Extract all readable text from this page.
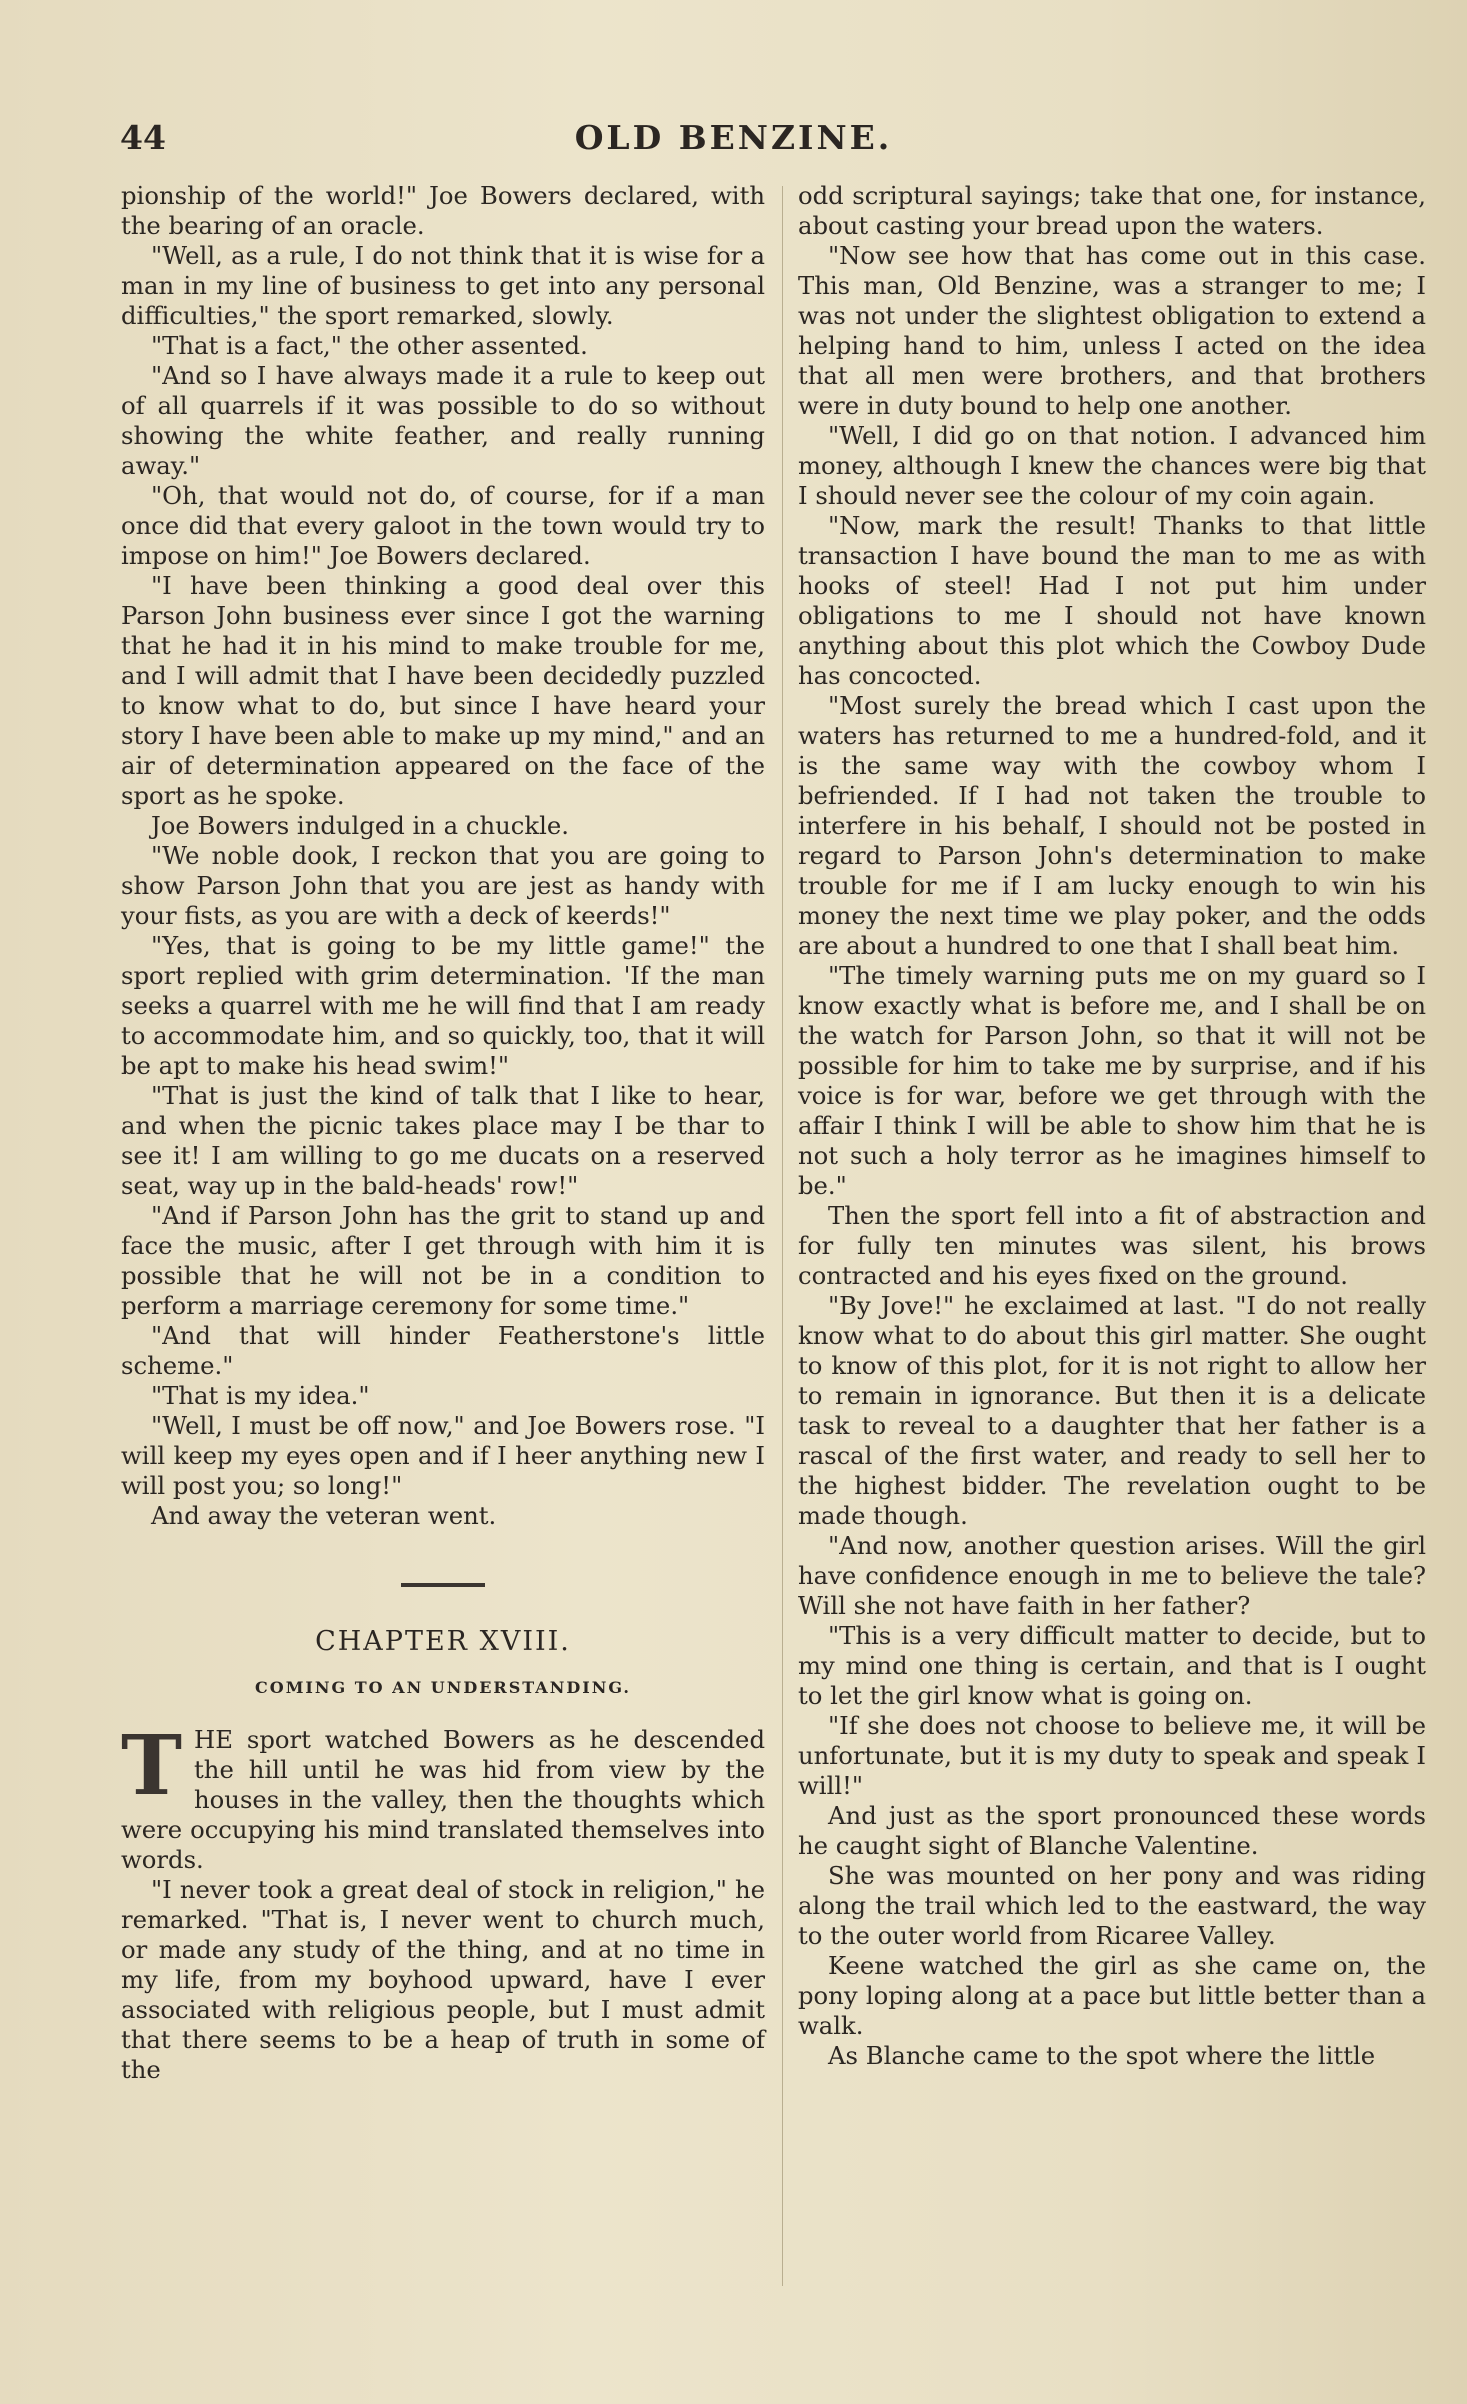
44	OLD BENZINE.

pionship of the world!" Joe Bowers declared, with the bearing of an oracle.

"Well, as a rule, I do not think that it is wise for a man in my line of business to get into any personal difficulties," the sport remarked, slowly.

"That is a fact," the other assented.

"And so I have always made it a rule to keep out of all quarrels if it was possible to do so without showing the white feather, and really running away."

"Oh, that would not do, of course, for if a man once did that every galoot in the town would try to impose on him!" Joe Bowers declared.

"I have been thinking a good deal over this Parson John business ever since I got the warning that he had it in his mind to make trouble for me, and I will admit that I have been decidedly puzzled to know what to do, but since I have heard your story I have been able to make up my mind," and an air of determination appeared on the face of the sport as he spoke.

Joe Bowers indulged in a chuckle.

"We noble dook, I reckon that you are going to show Parson John that you are jest as handy with your fists, as you are with a deck of keerds!"

"Yes, that is going to be my little game!" the sport replied with grim determination. 'If the man seeks a quarrel with me he will find that I am ready to accommodate him, and so quickly, too, that it will be apt to make his head swim!"

"That is just the kind of talk that I like to hear, and when the picnic takes place may I be thar to see it! I am willing to go me ducats on a reserved seat, way up in the bald-heads' row!"

"And if Parson John has the grit to stand up and face the music, after I get through with him it is possible that he will not be in a condition to perform a marriage ceremony for some time."

"And that will hinder Featherstone's little scheme."

"That is my idea."

"Well, I must be off now," and Joe Bowers rose. "I will keep my eyes open and if I heer anything new I will post you; so long!"

And away the veteran went.

CHAPTER XVIII.

COMING TO AN UNDERSTANDING.

THE sport watched Bowers as he descended the hill until he was hid from view by the houses in the valley, then the thoughts which were occupying his mind translated themselves into words.

"I never took a great deal of stock in religion," he remarked. "That is, I never went to church much, or made any study of the thing, and at no time in my life, from my boyhood upward, have I ever associated with religious people, but I must admit that there seems to be a heap of truth in some of the

odd scriptural sayings; take that one, for instance, about casting your bread upon the waters.

"Now see how that has come out in this case. This man, Old Benzine, was a stranger to me; I was not under the slightest obligation to extend a helping hand to him, unless I acted on the idea that all men were brothers, and that brothers were in duty bound to help one another.

"Well, I did go on that notion. I advanced him money, although I knew the chances were big that I should never see the colour of my coin again.

"Now, mark the result! Thanks to that little transaction I have bound the man to me as with hooks of steel! Had I not put him under obligations to me I should not have known anything about this plot which the Cowboy Dude has concocted.

"Most surely the bread which I cast upon the waters has returned to me a hundred-fold, and it is the same way with the cowboy whom I befriended. If I had not taken the trouble to interfere in his behalf, I should not be posted in regard to Parson John's determination to make trouble for me if I am lucky enough to win his money the next time we play poker, and the odds are about a hundred to one that I shall beat him.

"The timely warning puts me on my guard so I know exactly what is before me, and I shall be on the watch for Parson John, so that it will not be possible for him to take me by surprise, and if his voice is for war, before we get through with the affair I think I will be able to show him that he is not such a holy terror as he imagines himself to be."

Then the sport fell into a fit of abstraction and for fully ten minutes was silent, his brows contracted and his eyes fixed on the ground.

"By Jove!" he exclaimed at last. "I do not really know what to do about this girl matter. She ought to know of this plot, for it is not right to allow her to remain in ignorance. But then it is a delicate task to reveal to a daughter that her father is a rascal of the first water, and ready to sell her to the highest bidder. The revelation ought to be made though.

"And now, another question arises. Will the girl have confidence enough in me to believe the tale? Will she not have faith in her father?

"This is a very difficult matter to decide, but to my mind one thing is certain, and that is I ought to let the girl know what is going on.

"If she does not choose to believe me, it will be unfortunate, but it is my duty to speak and speak I will!"

And just as the sport pronounced these words he caught sight of Blanche Valentine.

She was mounted on her pony and was riding along the trail which led to the eastward, the way to the outer world from Ricaree Valley.

Keene watched the girl as she came on, the pony loping along at a pace but little better than a walk.

As Blanche came to the spot where the little
